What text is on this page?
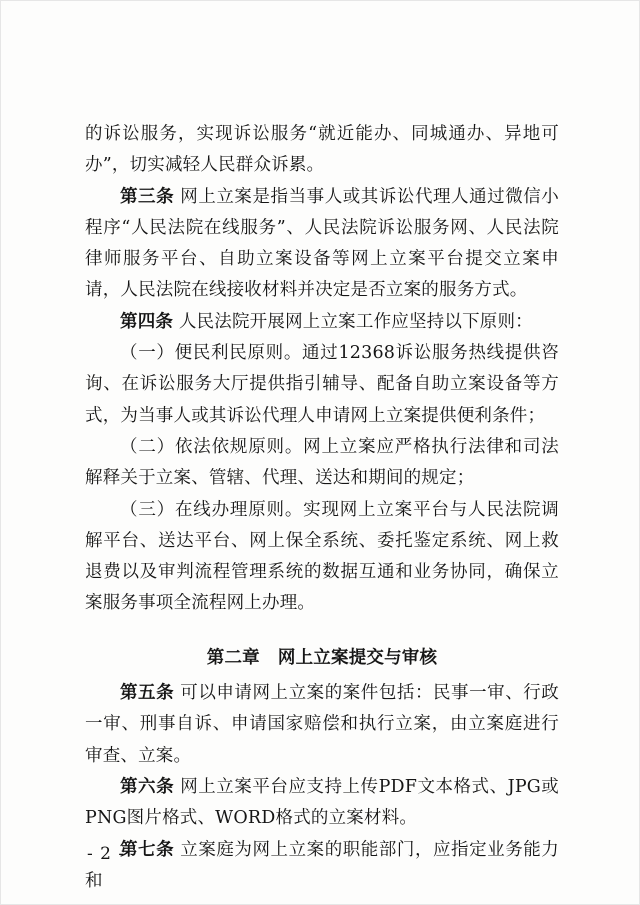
的诉讼服务，实现诉讼服务“就近能办、同城通办、异地可办”，切实减轻人民群众诉累。

第三条 网上立案是指当事人或其诉讼代理人通过微信小程序“人民法院在线服务”、人民法院诉讼服务网、人民法院律师服务平台、自助立案设备等网上立案平台提交立案申请，人民法院在线接收材料并决定是否立案的服务方式。

第四条 人民法院开展网上立案工作应坚持以下原则：

（一）便民利民原则。通过12368诉讼服务热线提供咨询、在诉讼服务大厅提供指引辅导、配备自助立案设备等方式，为当事人或其诉讼代理人申请网上立案提供便利条件；

（二）依法依规原则。网上立案应严格执行法律和司法解释关于立案、管辖、代理、送达和期间的规定；

（三）在线办理原则。实现网上立案平台与人民法院调解平台、送达平台、网上保全系统、委托鉴定系统、网上救退费以及审判流程管理系统的数据互通和业务协同，确保立案服务事项全流程网上办理。

第二章 网上立案提交与审核

第五条 可以申请网上立案的案件包括：民事一审、行政一审、刑事自诉、申请国家赔偿和执行立案，由立案庭进行审查、立案。

第六条 网上立案平台应支持上传PDF文本格式、JPG或PNG图片格式、WORD格式的立案材料。

第七条 立案庭为网上立案的职能部门，应指定业务能力和

- 2 -
